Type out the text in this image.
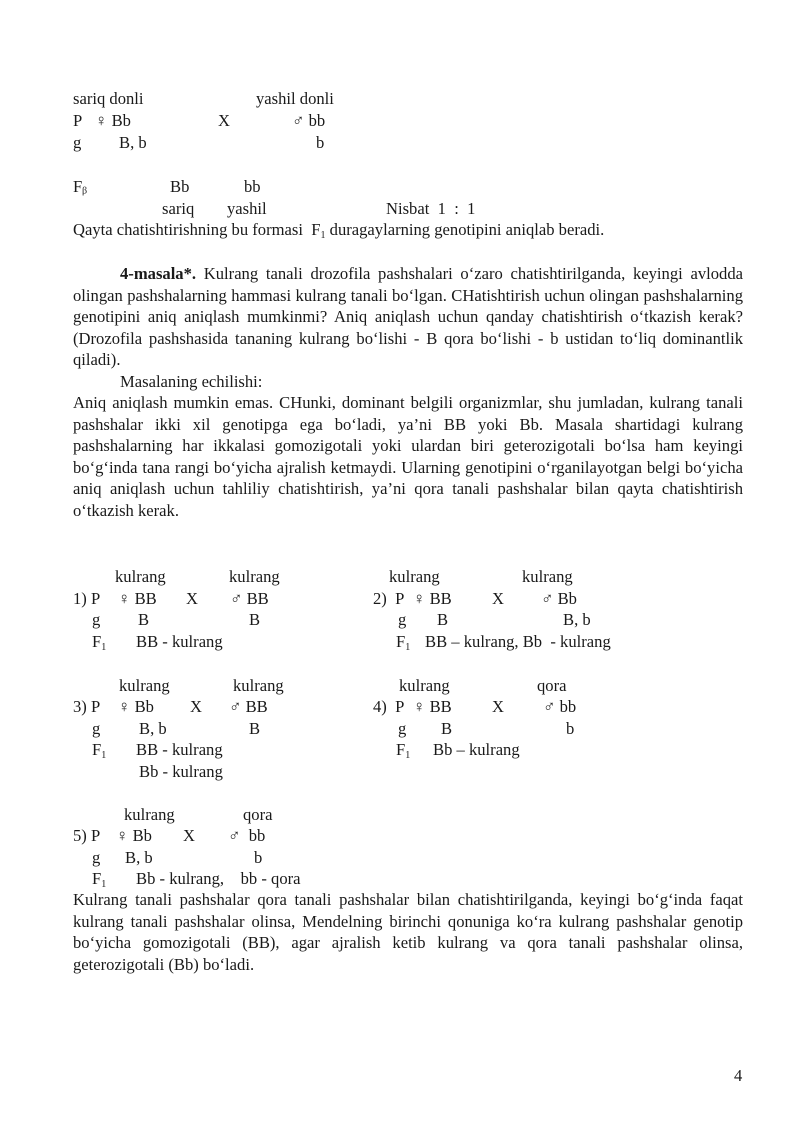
sariq donli	yashil donli
P ♀ Bb	X	♂ bb
g B, b	b
Fᵦ	Bb	bb
sariq yashil	Nisbat  1  :  1
Qayta chatishtirishning bu formasi  $F_1$ duragaylarning genotipini aniqlab beradi.
4-masala*. Kulrang tanali drozofila pashshalari o‘zaro chatishtirilganda, keyingi avlodda olingan pashshalarning hammasi kulrang tanali bo‘lgan. CHatishtirish uchun olingan pashshalarning genotipini aniq aniqlash mumkinmi? Aniq aniqlash uchun qanday chatishtirish o‘tkazish kerak? (Drozofila pashshasida tananing kulrang bo‘lishi - B qora bo‘lishi - b ustidan to‘liq dominantlik qiladi).
Masalaning echilishi:
Aniq aniqlash mumkin emas. CHunki, dominant belgili organizmlar, shu jumladan, kulrang tanali pashshalar ikki xil genotipga ega bo‘ladi, ya’ni BB yoki Bb. Masala shartidagi kulrang pashshalarning har ikkalasi gomozigotali yoki ulardan biri geterozigotali bo‘lsa ham keyingi bo‘g‘inda tana rangi bo‘yicha ajralish ketmaydi. Ularning genotipini o‘rganilayotgan belgi bo‘yicha aniq aniqlash uchun tahliliy chatishtirish, ya’ni qora tanali pashshalar bilan qayta chatishtirish o‘tkazish kerak.
kulrang	kulrang
1) P ♀ BB X ♂ BB
g B	B
$F_1$ BB - kulrang
kulrang	kulrang
2)  P ♀ BB X ♂ Bb
g B	B, b
$F_1$ BB – kulrang, Bb  - kulrang
kulrang	kulrang
3) P ♀ Bb X ♂ BB
g B, b	B
$F_1$ BB - kulrang
Bb - kulrang
kulrang	qora
4)  P ♀ BB X ♂ bb
g B	b
$F_1$ Bb – kulrang
kulrang	qora
5) P ♀ Bb X ♂  bb
g B, b	b
$F_1$ Bb - kulrang,    bb - qora
Kulrang tanali pashshalar qora tanali pashshalar bilan chatishtirilganda, keyingi bo‘g‘inda faqat kulrang tanali pashshalar olinsa, Mendelning birinchi qonuniga ko‘ra kulrang pashshalar genotip bo‘yicha gomozigotali (BB), agar ajralish ketib kulrang va qora tanali pashshalar olinsa, geterozigotali (Bb) bo‘ladi.
4
